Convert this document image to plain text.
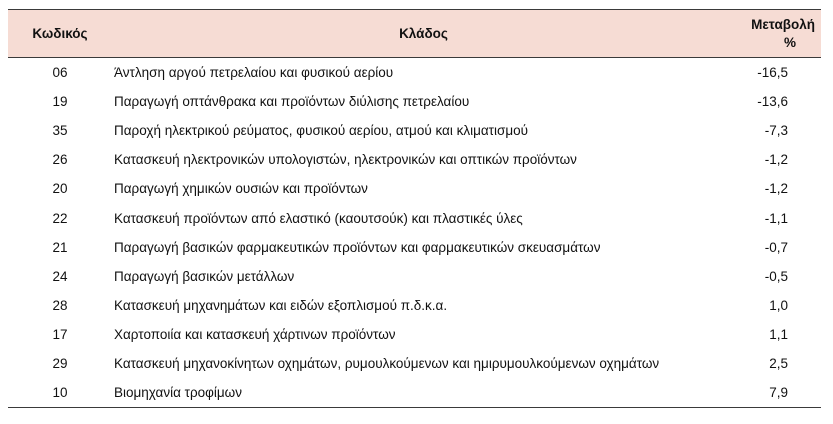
Κωδικός	Κλάδος	Μεταβολή
%

06	Άντληση αργού πετρελαίου και φυσικού αερίου	-16,5
19	Παραγωγή οπτάνθρακα και προϊόντων διύλισης πετρελαίου	-13,6
35	Παροχή ηλεκτρικού ρεύματος, φυσικού αερίου, ατμού και κλιματισμού	-7,3
26	Κατασκευή ηλεκτρονικών υπολογιστών, ηλεκτρονικών και οπτικών προϊόντων	-1,2
20	Παραγωγή χημικών ουσιών και προϊόντων	-1,2
22	Κατασκευή προϊόντων από ελαστικό (καουτσούκ) και πλαστικές ύλες	-1,1
21	Παραγωγή βασικών φαρμακευτικών προϊόντων και φαρμακευτικών σκευασμάτων	-0,7
24	Παραγωγή βασικών μετάλλων	-0,5
28	Κατασκευή μηχανημάτων και ειδών εξοπλισμού π.δ.κ.α.	1,0
17	Χαρτοποιία και κατασκευή χάρτινων προϊόντων	1,1
29	Κατασκευή μηχανοκίνητων οχημάτων, ρυμουλκούμενων και ημιρυμουλκούμενων οχημάτων	2,5
10	Βιομηχανία τροφίμων	7,9
